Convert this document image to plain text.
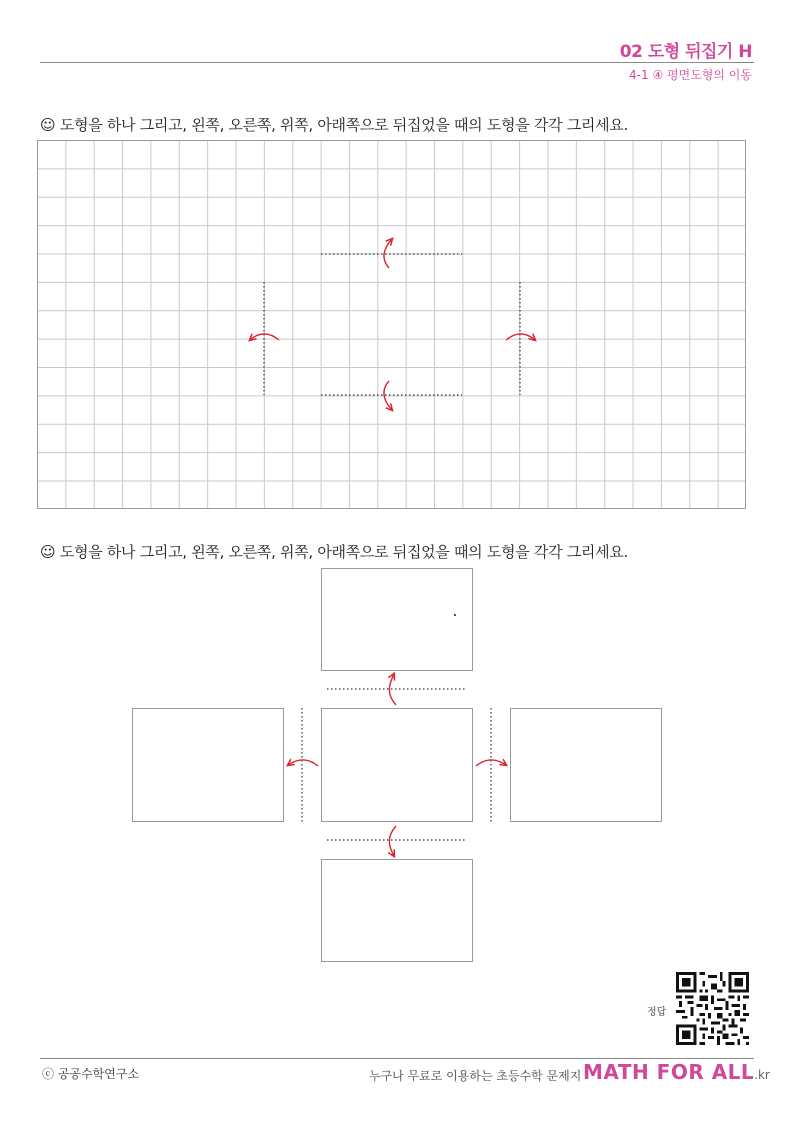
02 도형 뒤집기 H
4-1 ④ 평면도형의 이동
☺ 도형을 하나 그리고, 왼쪽, 오른쪽, 위쪽, 아래쪽으로 뒤집었을 때의 도형을 각각 그리세요.
☺ 도형을 하나 그리고, 왼쪽, 오른쪽, 위쪽, 아래쪽으로 뒤집었을 때의 도형을 각각 그리세요.
정답
ⓒ 공공수학연구소	누구나 무료로 이용하는 초등수학 문제지 MATH FOR ALL.kr
